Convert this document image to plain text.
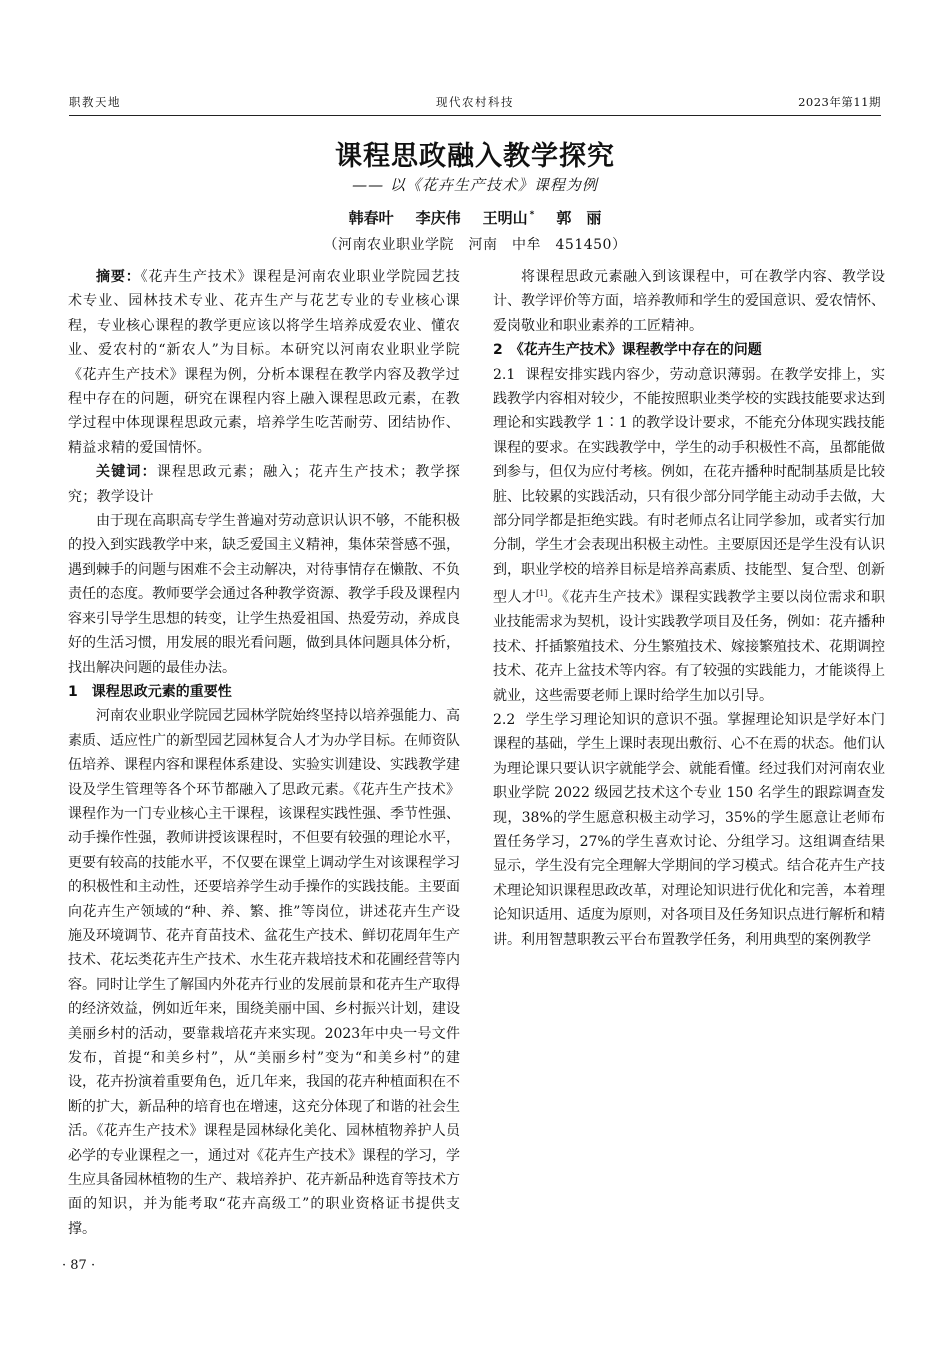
职教天地	现代农村科技	2023年第11期
课程思政融入教学探究
—— 以《花卉生产技术》课程为例
韩春叶 李庆伟 王明山 * 郭　丽
（河南农业职业学院　河南　中牟　451450）

摘要：《花卉生产技术》课程是河南农业职业学院园艺技术专业、园林技术专业、花卉生产与花艺专业的专业核心课程，专业核心课程的教学更应该以将学生培养成爱农业、懂农业、爱农村的“新农人”为目标。本研究以河南农业职业学院《花卉生产技术》课程为例，分析本课程在教学内容及教学过程中存在的问题，研究在课程内容上融入课程思政元素，在教学过程中体现课程思政元素，培养学生吃苦耐劳、团结协作、精益求精的爱国情怀。

关键词：课程思政元素；融入；花卉生产技术；教学探究；教学设计

由于现在高职高专学生普遍对劳动意识认识不够，不能积极的投入到实践教学中来，缺乏爱国主义精神，集体荣誉感不强，遇到棘手的问题与困难不会主动解决，对待事情存在懒散、不负责任的态度。教师要学会通过各种教学资源、教学手段及课程内容来引导学生思想的转变，让学生热爱祖国、热爱劳动，养成良好的生活习惯，用发展的眼光看问题，做到具体问题具体分析，找出解决问题的最佳办法。

1　课程思政元素的重要性

河南农业职业学院园艺园林学院始终坚持以培养强能力、高素质、适应性广的新型园艺园林复合人才为办学目标。在师资队伍培养、课程内容和课程体系建设、实验实训建设、实践教学建设及学生管理等各个环节都融入了思政元素。《花卉生产技术》课程作为一门专业核心主干课程，该课程实践性强、季节性强、动手操作性强，教师讲授该课程时，不但要有较强的理论水平，更要有较高的技能水平，不仅要在课堂上调动学生对该课程学习的积极性和主动性，还要培养学生动手操作的实践技能。主要面向花卉生产领域的“种、养、繁、推”等岗位，讲述花卉生产设施及环境调节、花卉育苗技术、盆花生产技术、鲜切花周年生产技术、花坛类花卉生产技术、水生花卉栽培技术和花圃经营等内容。同时让学生了解国内外花卉行业的发展前景和花卉生产取得的经济效益，例如近年来，围绕美丽中国、乡村振兴计划，建设美丽乡村的活动，要靠栽培花卉来实现。2023年中央一号文件发布，首提“和美乡村”，从“美丽乡村”变为“和美乡村”的建设，花卉扮演着重要角色，近几年来，我国的花卉种植面积在不断的扩大，新品种的培育也在增速，这充分体现了和谐的社会生活。《花卉生产技术》课程是园林绿化美化、园林植物养护人员必学的专业课程之一，通过对《花卉生产技术》课程的学习，学生应具备园林植物的生产、栽培养护、花卉新品种选育等技术方面的知识，并为能考取“花卉高级工”的职业资格证书提供支撑。

将课程思政元素融入到该课程中，可在教学内容、教学设计、教学评价等方面，培养教师和学生的爱国意识、爱农情怀、爱岗敬业和职业素养的工匠精神。

2　《花卉生产技术》课程教学中存在的问题

2.1 课程安排实践内容少，劳动意识薄弱。在教学安排上，实践教学内容相对较少，不能按照职业类学校的实践技能要求达到理论和实践教学 1∶1 的教学设计要求，不能充分体现实践技能课程的要求。在实践教学中，学生的动手积极性不高，虽都能做到参与，但仅为应付考核。例如，在花卉播种时配制基质是比较脏、比较累的实践活动，只有很少部分同学能主动动手去做，大部分同学都是拒绝实践。有时老师点名让同学参加，或者实行加分制，学生才会表现出积极主动性。主要原因还是学生没有认识到，职业学校的培养目标是培养高素质、技能型、复合型、创新型人才[1]。《花卉生产技术》课程实践教学主要以岗位需求和职业技能需求为契机，设计实践教学项目及任务，例如：花卉播种技术、扦插繁殖技术、分生繁殖技术、嫁接繁殖技术、花期调控技术、花卉上盆技术等内容。有了较强的实践能力，才能谈得上就业，这些需要老师上课时给学生加以引导。

2.2 学生学习理论知识的意识不强。掌握理论知识是学好本门课程的基础，学生上课时表现出敷衍、心不在焉的状态。他们认为理论课只要认识字就能学会、就能看懂。经过我们对河南农业职业学院 2022 级园艺技术这个专业 150 名学生的跟踪调查发现，38%的学生愿意积极主动学习，35%的学生愿意让老师布置任务学习，27%的学生喜欢讨论、分组学习。这组调查结果显示，学生没有完全理解大学期间的学习模式。结合花卉生产技术理论知识课程思政改革，对理论知识进行优化和完善，本着理论知识适用、适度为原则，对各项目及任务知识点进行解析和精讲。利用智慧职教云平台布置教学任务，利用典型的案例教学

· 87 ·
